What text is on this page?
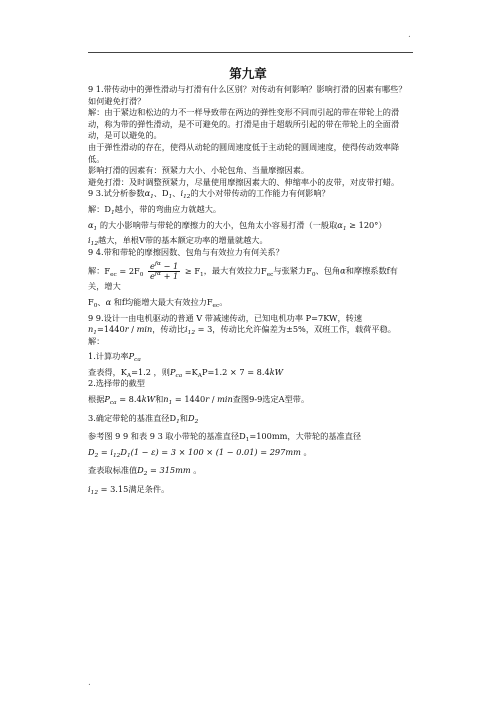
.
第九章

9 1.带传动中的弹性滑动与打滑有什么区别？对传动有何影响？影响打滑的因素有哪些？如何避免打滑？

解：由于紧边和松边的力不一样导致带在两边的弹性变形不同而引起的带在带轮上的滑动，称为带的弹性滑动，是不可避免的。打滑是由于超载所引起的带在带轮上的全面滑动，是可以避免的。

由于弹性滑动的存在，使得从动轮的圆周速度低于主动轮的圆周速度，使得传动效率降低。

影响打滑的因素有：预紧力大小、小轮包角、当量摩擦因素。

避免打滑：及时调整预紧力，尽量使用摩擦因素大的、伸缩率小的皮带，对皮带打蜡。

9 3.试分析参数$\alpha_1$、$D_1$、$i_{12}$的大小对带传动的工作能力有何影响？

解：$D_1$越小，带的弯曲应力就越大。

$\alpha_1$ 的大小影响带与带轮的摩擦力的大小，包角太小容易打滑（一般取$\alpha_1 \ge 120^\circ$）

$i_{12}$越大，单根Ⅴ带的基本额定功率的增量就越大。

9 4.带和带轮的摩擦因数、包角与有效拉力有何关系？

解：$F_{ec} = 2F_0 \frac{e^{f\alpha} - 1}{e^{f\alpha} + 1} \ge F_1$，最大有效拉力$F_{ec}$与张紧力$F_0$、包角α和摩擦系数f有关，增大

$F_0$、α 和f均能增大最大有效拉力$F_{ec}$。

9 9.设计一由电机驱动的普通 V 带减速传动，已知电机功率 P=7KW，转速

$n_1=1440r / \min$，传动比$i_{12} = 3$，传动比允许偏差为±5%，双班工作，载荷平稳。

解：

1.计算功率$P_{ca}$

查表得，$K_A=1.2$ ，则$P_{ca} =K_AP=1.2 \times 7 = 8.4kW$

2.选择带的截型

根据$P_{ca} = 8.4kW$和$n_1 = 1440r / \min$查图9-9选定A型带。

3.确定带轮的基准直径$D_1$和$D_2$

参考图 9 9 和表 9 3 取小带轮的基准直径$D_1=100mm$，大带轮的基准直径

$D_2 = i_{12}D_1(1 - \varepsilon) = 3 \times 100 \times (1 - 0.01) = 297mm$ 。

查表取标准值$D_2 = 315mm$ 。

$i_{12} = 3.15$满足条件。

.
